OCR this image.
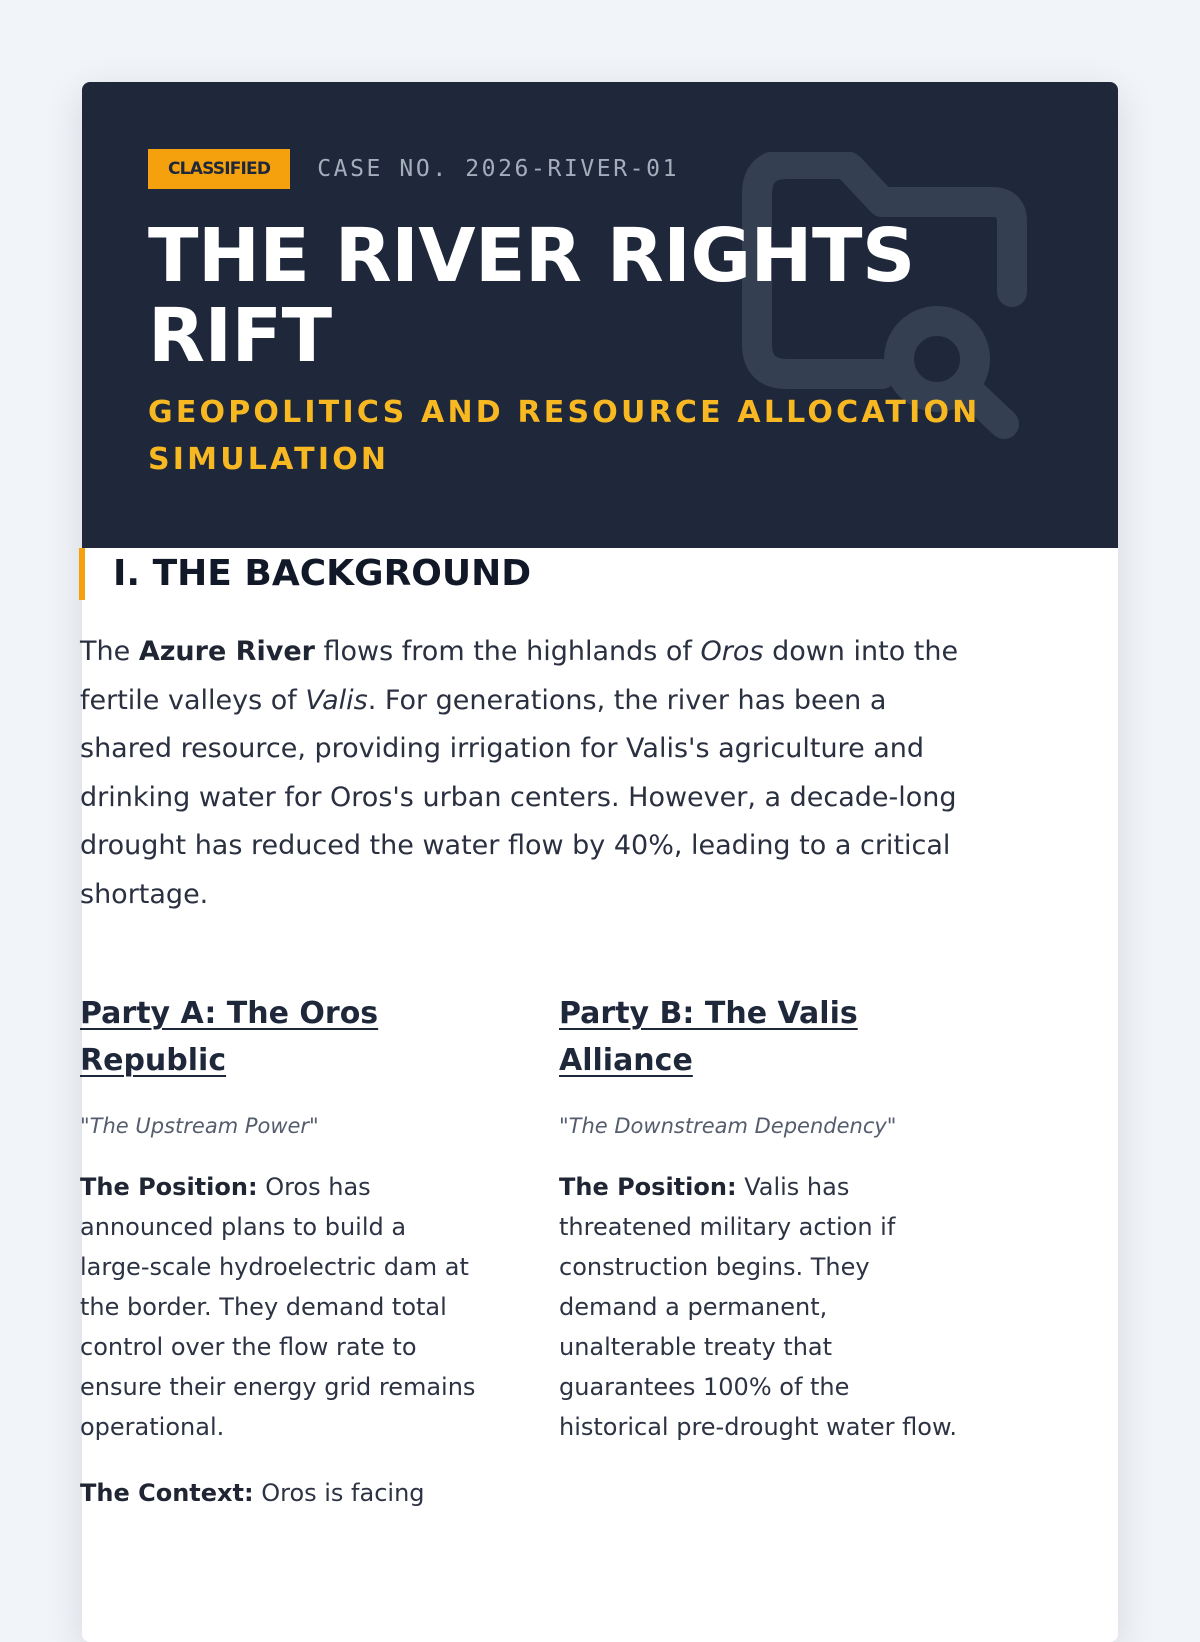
CLASSIFIED	CASE NO. 2026-RIVER-01
THE RIVER RIGHTS RIFT

GEOPOLITICS AND RESOURCE ALLOCATION SIMULATION

I. THE BACKGROUND

The Azure River flows from the highlands of Oros down into the fertile valleys of Valis. For generations, the river has been a shared resource, providing irrigation for Valis's agriculture and drinking water for Oros's urban centers. However, a decade-long drought has reduced the water flow by 40%, leading to a critical shortage.

Party A: The Oros Republic

"The Upstream Power"

The Position: Oros has announced plans to build a large-scale hydroelectric dam at the border. They demand total control over the flow rate to ensure their energy grid remains operational.

The Context: Oros is facing

Party B: The Valis Alliance

"The Downstream Dependency"

The Position: Valis has threatened military action if construction begins. They demand a permanent, unalterable treaty that guarantees 100% of the historical pre-drought water flow.
